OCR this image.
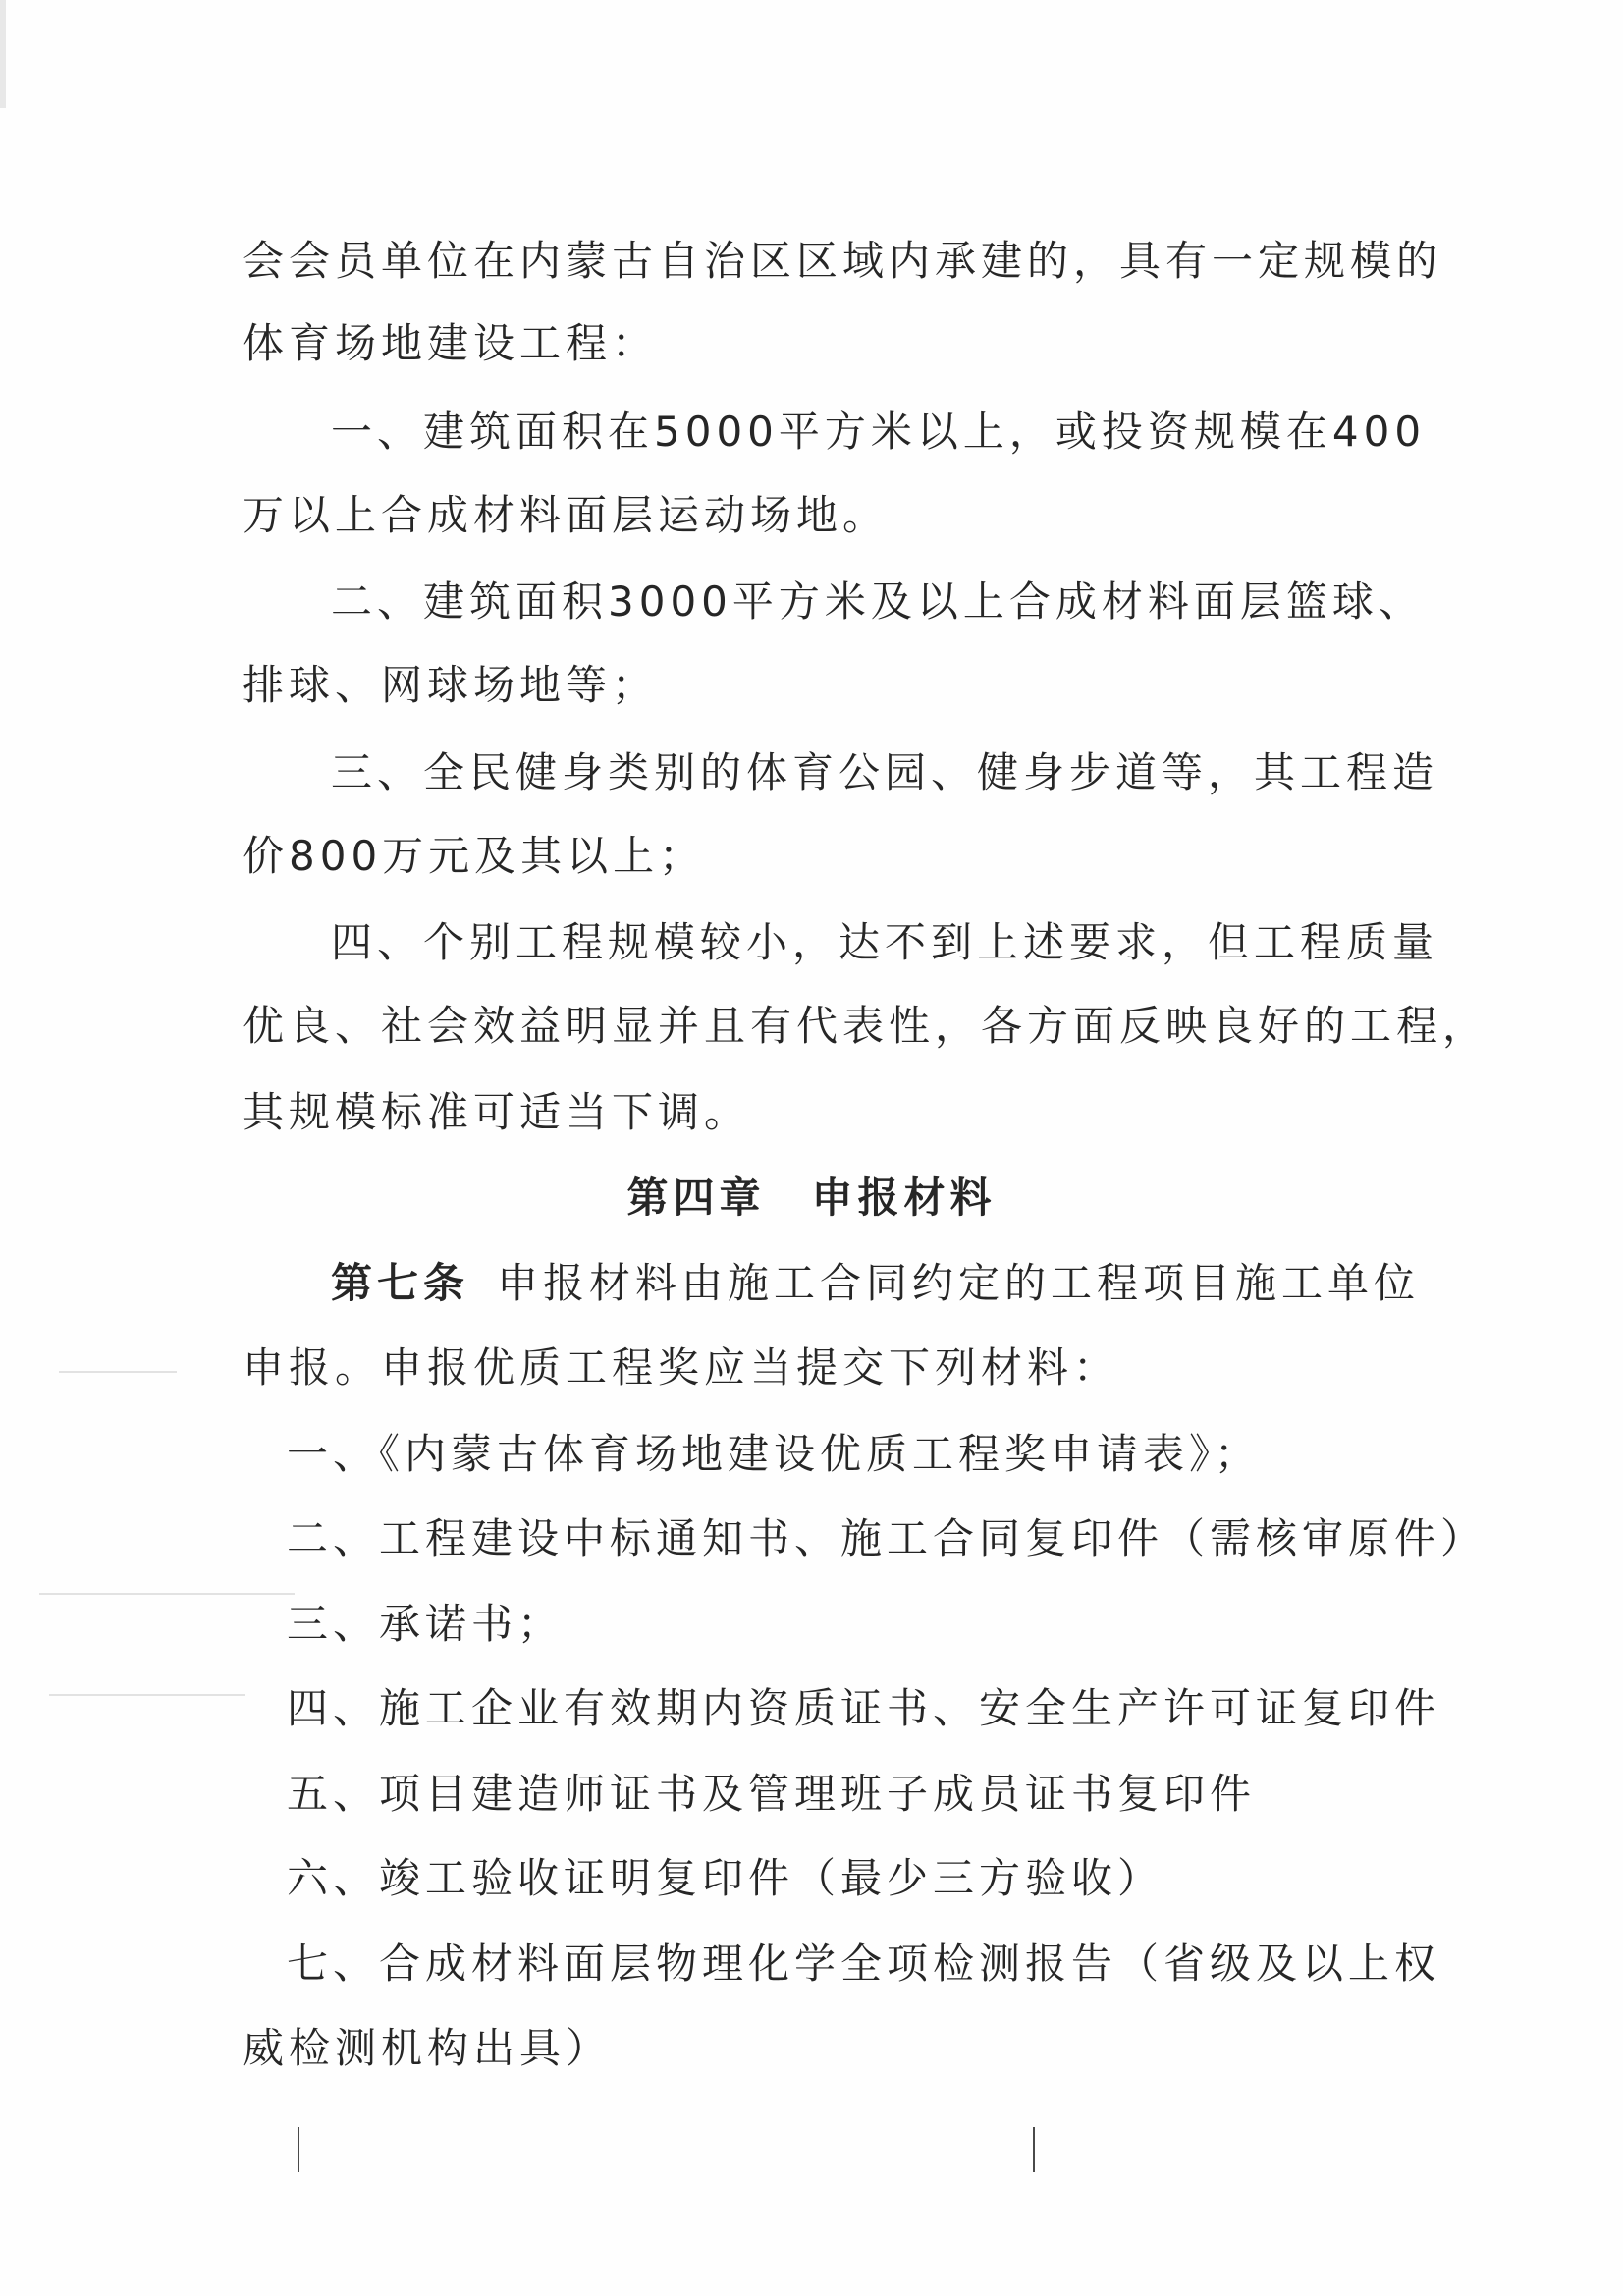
会会员单位在内蒙古自治区区域内承建的，具有一定规模的
体育场地建设工程：
一、建筑面积在5000平方米以上，或投资规模在400
万以上合成材料面层运动场地。
二、建筑面积3000平方米及以上合成材料面层篮球、
排球、网球场地等；
三、全民健身类别的体育公园、健身步道等，其工程造
价800万元及其以上；
四、个别工程规模较小，达不到上述要求，但工程质量
优良、社会效益明显并且有代表性，各方面反映良好的工程，
其规模标准可适当下调。
第四章　申报材料
第七条 申报材料由施工合同约定的工程项目施工单位
申报。申报优质工程奖应当提交下列材料：
一、《内蒙古体育场地建设优质工程奖申请表》；
二、工程建设中标通知书、施工合同复印件（需核审原件）
三、承诺书；
四、施工企业有效期内资质证书、安全生产许可证复印件
五、项目建造师证书及管理班子成员证书复印件
六、竣工验收证明复印件（最少三方验收）
七、合成材料面层物理化学全项检测报告（省级及以上权
威检测机构出具）
